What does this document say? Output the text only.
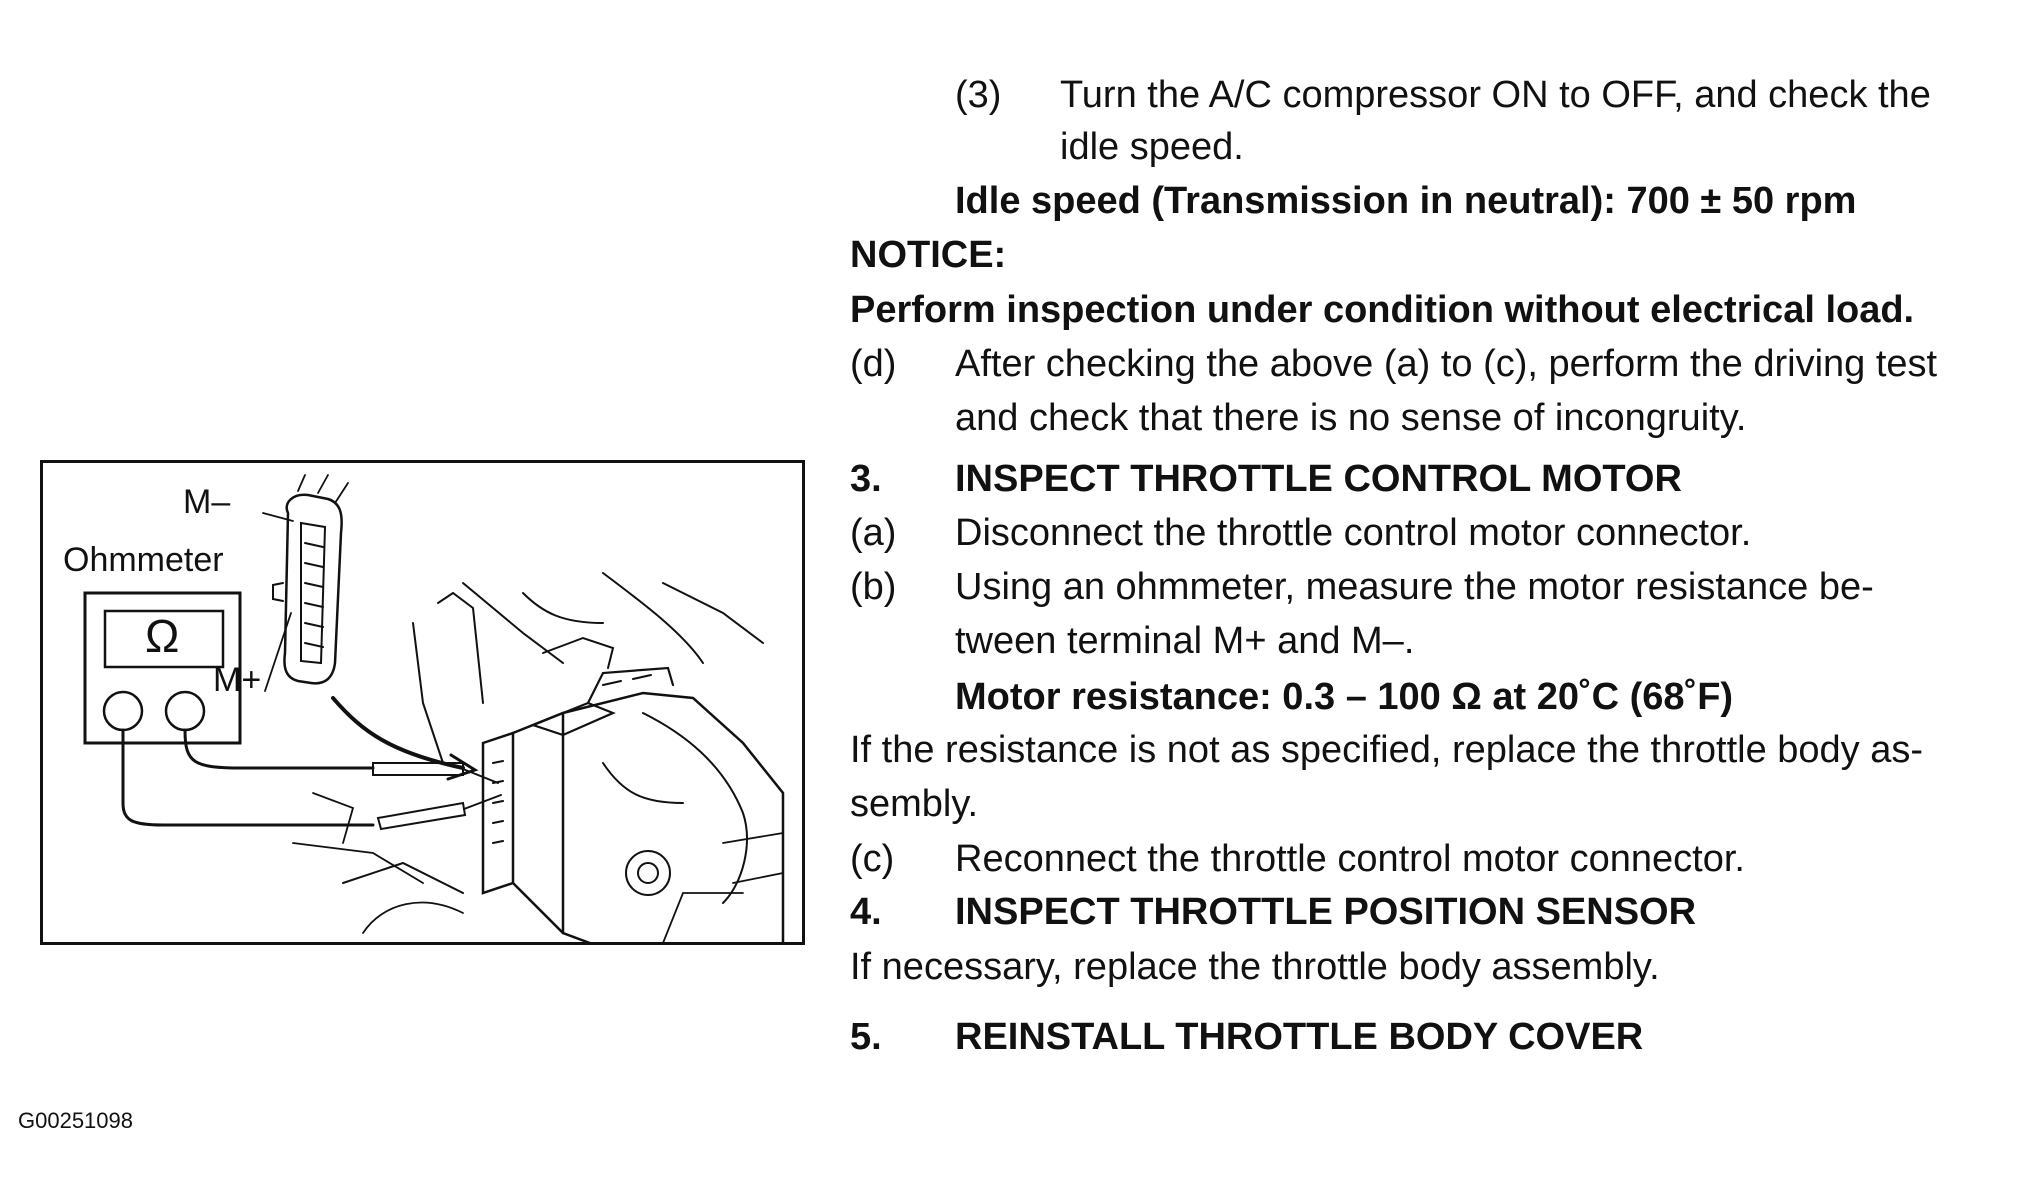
M–
Ohmmeter
Ω
M+
G00251098
(3) Turn the A/C compressor ON to OFF, and check the
idle speed.
Idle speed (Transmission in neutral): 700 ± 50 rpm
NOTICE:
Perform inspection under condition without electrical load.
(d) After checking the above (a) to (c), perform the driving test
and check that there is no sense of incongruity.
3. INSPECT THROTTLE CONTROL MOTOR
(a) Disconnect the throttle control motor connector.
(b) Using an ohmmeter, measure the motor resistance be-
tween terminal M+ and M–.
Motor resistance: 0.3 – 100 Ω at 20˚C (68˚F)
If the resistance is not as specified, replace the throttle body as-
sembly.
(c) Reconnect the throttle control motor connector.
4. INSPECT THROTTLE POSITION SENSOR
If necessary, replace the throttle body assembly.
5. REINSTALL THROTTLE BODY COVER
